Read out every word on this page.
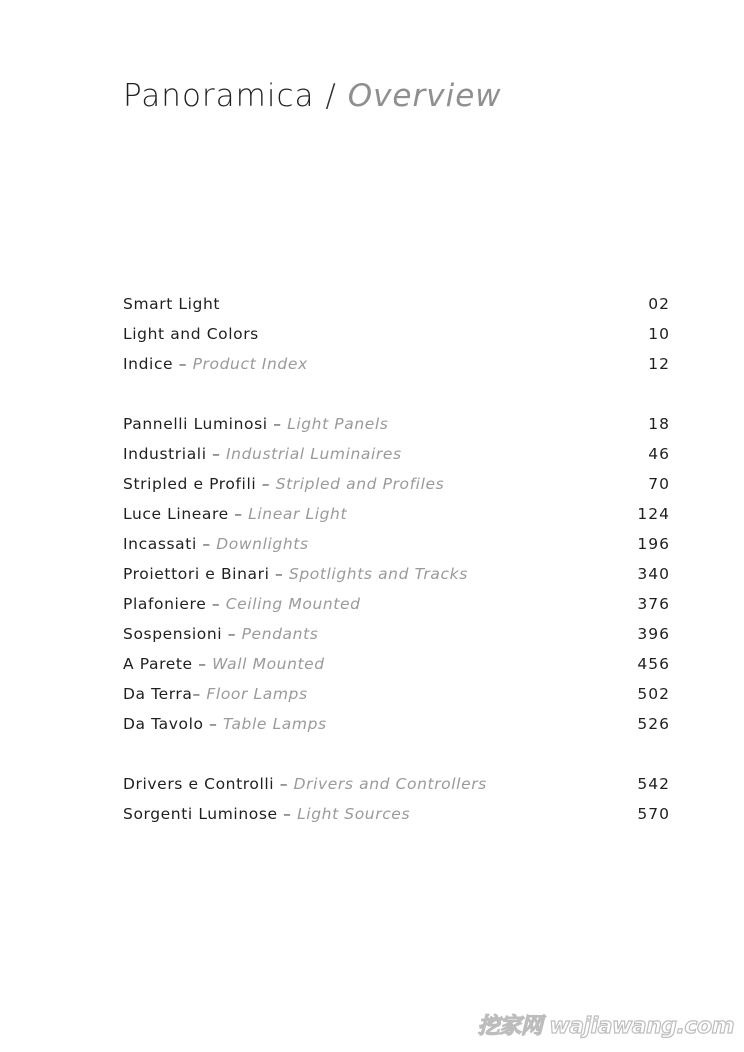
Panoramica / Overview
Smart Light	02
Light and Colors	10
Indice – Product Index	12
Pannelli Luminosi – Light Panels	18
Industriali – Industrial Luminaires	46
Stripled e Profili – Stripled and Profiles	70
Luce Lineare – Linear Light	124
Incassati – Downlights	196
Proiettori e Binari – Spotlights and Tracks	340
Plafoniere – Ceiling Mounted	376
Sospensioni – Pendants	396
A Parete – Wall Mounted	456
Da Terra– Floor Lamps	502
Da Tavolo – Table Lamps	526
Drivers e Controlli – Drivers and Controllers	542
Sorgenti Luminose – Light Sources	570
挖家网 wajiawang.com
